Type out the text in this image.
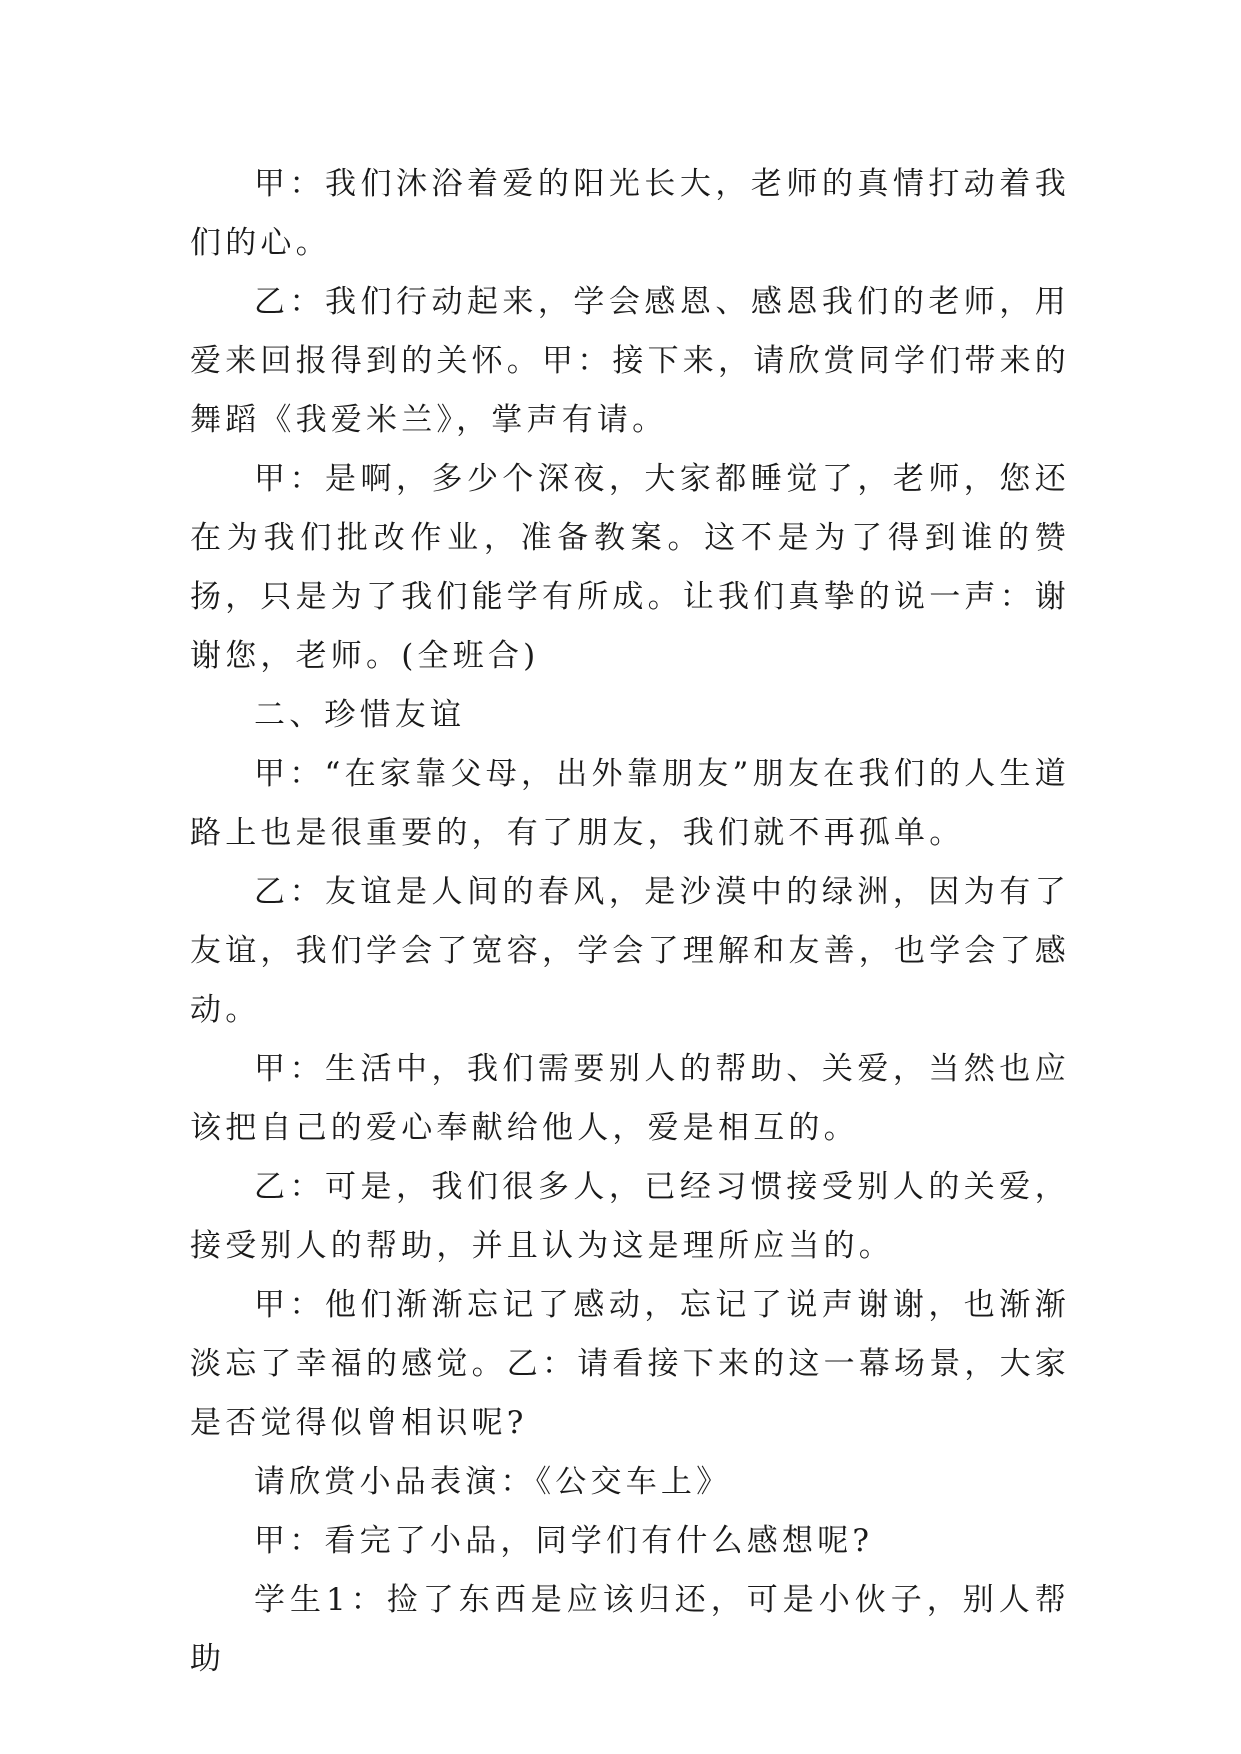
甲：我们沐浴着爱的阳光长大，老师的真情打动着我们的心。

乙：我们行动起来，学会感恩、感恩我们的老师，用爱来回报得到的关怀。甲：接下来，请欣赏同学们带来的舞蹈《我爱米兰》，掌声有请。

甲：是啊，多少个深夜，大家都睡觉了，老师，您还在为我们批改作业，准备教案。这不是为了得到谁的赞扬，只是为了我们能学有所成。让我们真挚的说一声：谢谢您，老师。(全班合)

二、珍惜友谊

甲：“在家靠父母，出外靠朋友”朋友在我们的人生道路上也是很重要的，有了朋友，我们就不再孤单。

乙：友谊是人间的春风，是沙漠中的绿洲，因为有了友谊，我们学会了宽容，学会了理解和友善，也学会了感动。

甲：生活中，我们需要别人的帮助、关爱，当然也应该把自己的爱心奉献给他人，爱是相互的。

乙：可是，我们很多人，已经习惯接受别人的关爱，接受别人的帮助，并且认为这是理所应当的。

甲：他们渐渐忘记了感动，忘记了说声谢谢，也渐渐淡忘了幸福的感觉。乙：请看接下来的这一幕场景，大家是否觉得似曾相识呢?

请欣赏小品表演：《公交车上》

甲：看完了小品，同学们有什么感想呢?

学生1：捡了东西是应该归还，可是小伙子，别人帮助
